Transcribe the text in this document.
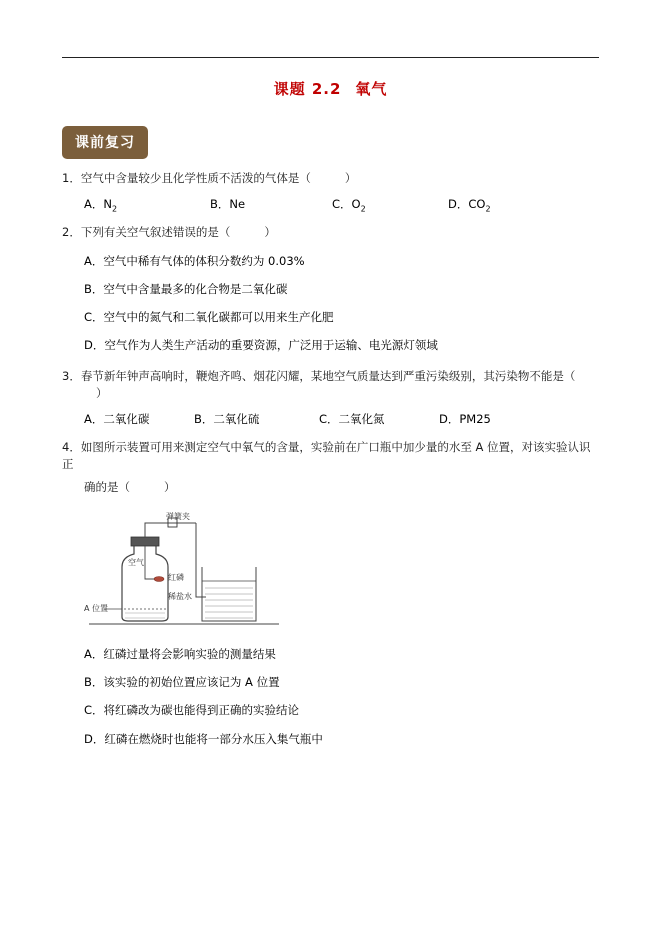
课题 2.2 氧气
课前复习
1．空气中含量较少且化学性质不活泼的气体是（	）
A．$N_2$	B．Ne	C．$O_2$	D．$CO_2$
2．下列有关空气叙述错误的是（	）
A．空气中稀有气体的体积分数约为 0.03%
B．空气中含量最多的化合物是二氧化碳
C．空气中的氮气和二氧化碳都可以用来生产化肥
D．空气作为人类生产活动的重要资源，广泛用于运输、电光源灯领域
3．春节新年钟声高响时，鞭炮齐鸣、烟花闪耀，某地空气质量达到严重污染级别，其污染物不能是（）
A．二氧化碳	B．二氧化硫	C．二氧化氮	D．PM25
4．如图所示装置可用来测定空气中氧气的含量，实验前在广口瓶中加少量的水至 A 位置，对该实验认识正
确的是（	）
弹簧夹
空气
红磷
稀盐水
A 位置
A．红磷过量将会影响实验的测量结果
B．该实验的初始位置应该记为 A 位置
C．将红磷改为碳也能得到正确的实验结论
D．红磷在燃烧时也能将一部分水压入集气瓶中
